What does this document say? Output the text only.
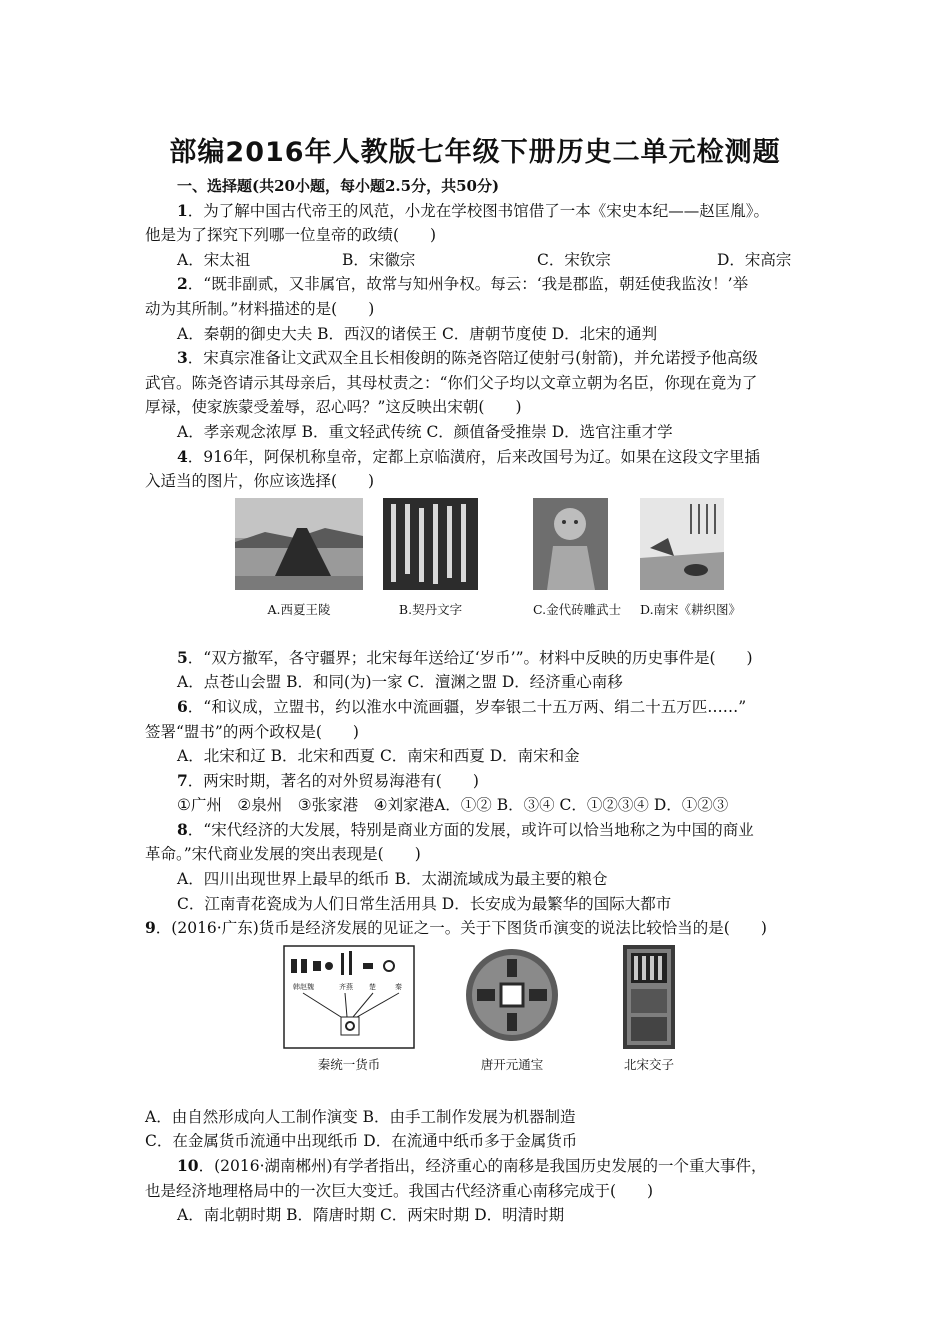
部编2016年人教版七年级下册历史二单元检测题

一、选择题(共20小题，每小题2.5分，共50分)

1．为了解中国古代帝王的风范，小龙在学校图书馆借了一本《宋史本纪——赵匡胤》。

他是为了探究下列哪一位皇帝的政绩(　　)

A．宋太祖	B．宋徽宗	C．宋钦宗	D．宋高宗

2．“既非副贰，又非属官，故常与知州争权。每云：‘我是郡监，朝廷使我监汝！’举

动为其所制。”材料描述的是(　　)

A．秦朝的御史大夫 B．西汉的诸侯王 C．唐朝节度使 D．北宋的通判

3．宋真宗准备让文武双全且长相俊朗的陈尧咨陪辽使射弓(射箭)，并允诺授予他高级

武官。陈尧咨请示其母亲后，其母杖责之：“你们父子均以文章立朝为名臣，你现在竟为了

厚禄，使家族蒙受羞辱，忍心吗？”这反映出宋朝(　　)

A．孝亲观念浓厚 B．重文轻武传统 C．颜值备受推崇 D．选官注重才学

4．916年，阿保机称皇帝，定都上京临潢府，后来改国号为辽。如果在这段文字里插

入适当的图片，你应该选择(　　)

A.西夏王陵	B.契丹文字	C.金代砖雕武士 D.南宋《耕织图》

5．“双方撤军，各守疆界；北宋每年送给辽‘岁币’”。材料中反映的历史事件是(　　)

A．点苍山会盟 B．和同(为)一家 C．澶渊之盟 D．经济重心南移

6．“和议成，立盟书，约以淮水中流画疆，岁奉银二十五万两、绢二十五万匹……”

签署“盟书”的两个政权是(　　)

A．北宋和辽 B．北宋和西夏 C．南宋和西夏 D．南宋和金

7．两宋时期，著名的对外贸易海港有(　　)

①广州　②泉州　③张家港　④刘家港A．①② B．③④ C．①②③④ D．①②③

8．“宋代经济的大发展，特别是商业方面的发展，或许可以恰当地称之为中国的商业

革命。”宋代商业发展的突出表现是(　　)

A．四川出现世界上最早的纸币 B．太湖流域成为最主要的粮仓

C．江南青花瓷成为人们日常生活用具 D．长安成为最繁华的国际大都市

9．(2016·广东)货币是经济发展的见证之一。关于下图货币演变的说法比较恰当的是(　　)

韩赵魏	齐燕 楚	秦
秦统一货币	唐开元通宝	北宋交子

A．由自然形成向人工制作演变 B．由手工制作发展为机器制造

C．在金属货币流通中出现纸币 D．在流通中纸币多于金属货币

10．(2016·湖南郴州)有学者指出，经济重心的南移是我国历史发展的一个重大事件，

也是经济地理格局中的一次巨大变迁。我国古代经济重心南移完成于(　　)

A．南北朝时期 B．隋唐时期 C．两宋时期 D．明清时期
